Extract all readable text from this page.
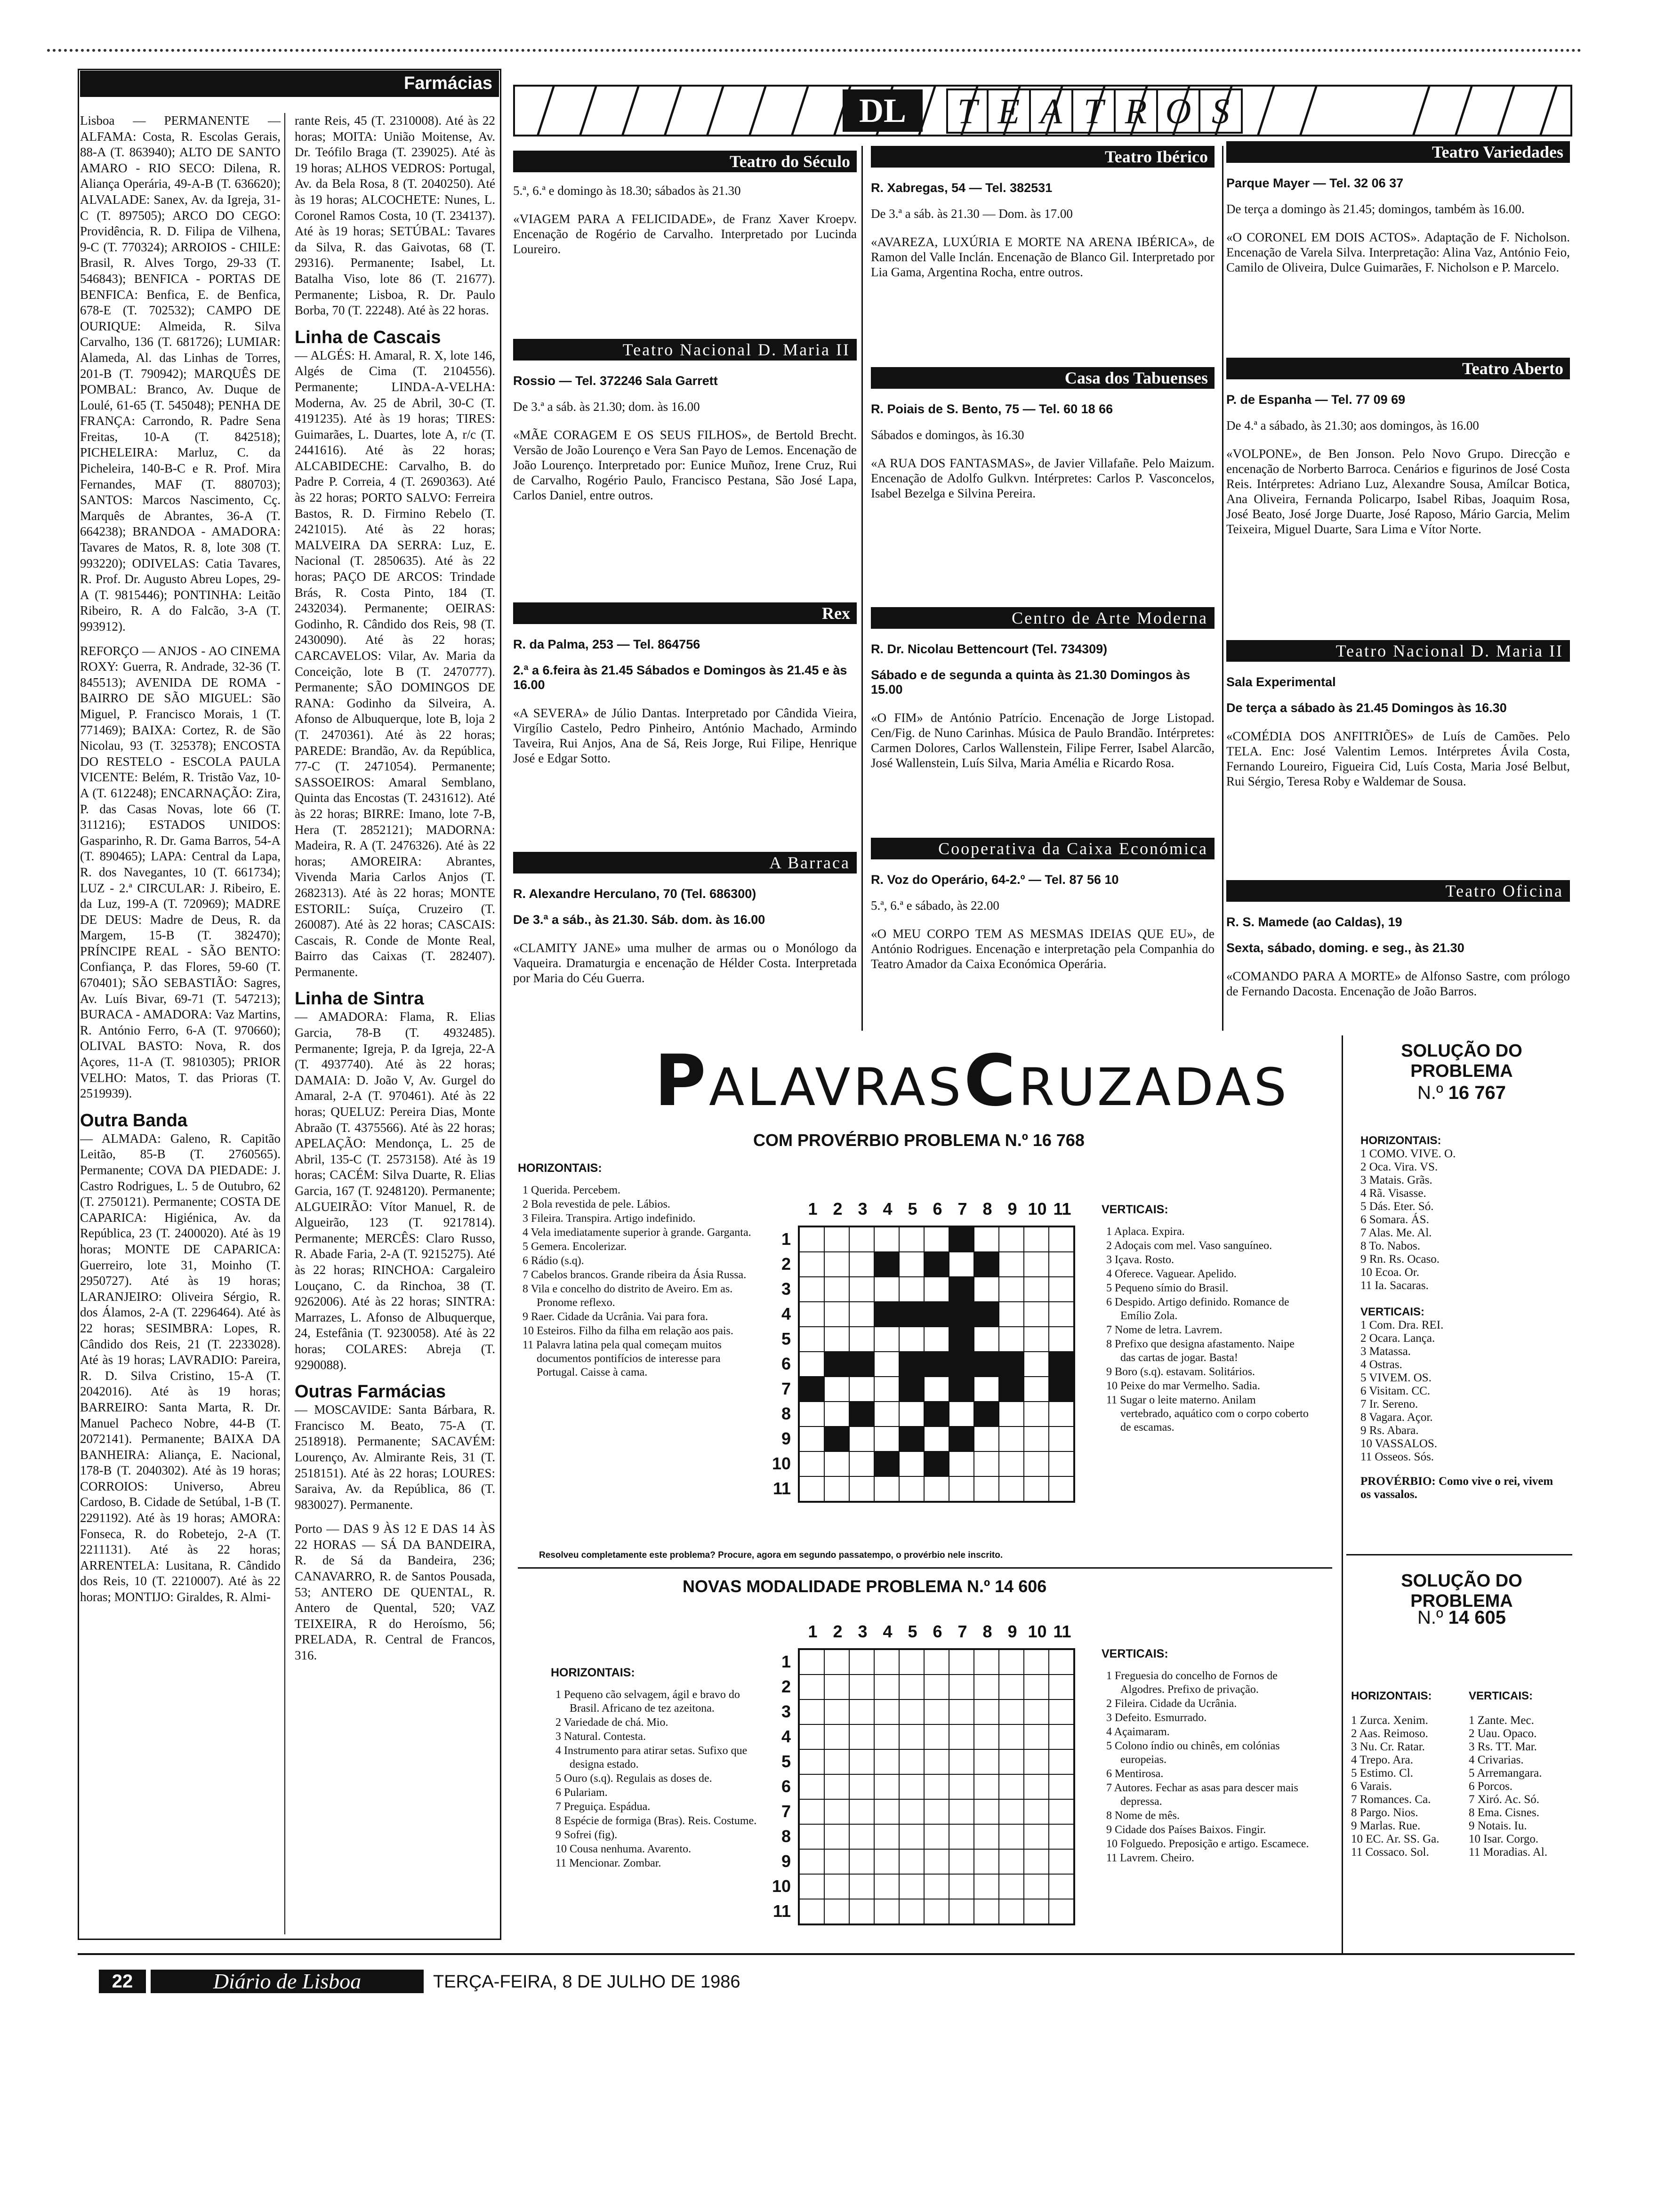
Farmácias
Lisboa — PERMANENTE — ALFAMA: Costa, R. Escolas Gerais, 88-A (T. 863940); ALTO DE SANTO AMARO - RIO SECO: Dilena, R. Aliança Operária, 49-A-B (T. 636620); ALVALADE: Sanex, Av. da Igreja, 31-C (T. 897505); ARCO DO CEGO: Providência, R. D. Filipa de Vilhena, 9-C (T. 770324); ARROIOS - CHILE: Brasil, R. Alves Torgo, 29-33 (T. 546843); BENFICA - PORTAS DE BENFICA: Benfica, E. de Benfica, 678-E (T. 702532); CAMPO DE OURIQUE: Almeida, R. Silva Carvalho, 136 (T. 681726); LUMIAR: Alameda, Al. das Linhas de Torres, 201-B (T. 790942); MARQUÊS DE POMBAL: Branco, Av. Duque de Loulé, 61-65 (T. 545048); PENHA DE FRANÇA: Carrondo, R. Padre Sena Freitas, 10-A (T. 842518); PICHELEIRA: Marluz, C. da Picheleira, 140-B-C e R. Prof. Mira Fernandes, MAF (T. 880703); SANTOS: Marcos Nascimento, Cç. Marquês de Abrantes, 36-A (T. 664238); BRANDOA - AMADORA: Tavares de Matos, R. 8, lote 308 (T. 993220); ODIVELAS: Catia Tavares, R. Prof. Dr. Augusto Abreu Lopes, 29-A (T. 9815446); PONTINHA: Leitão Ribeiro, R. A do Falcão, 3-A (T. 993912).
REFORÇO — ANJOS - AO CINEMA ROXY: Guerra, R. Andrade, 32-36 (T. 845513); AVENIDA DE ROMA - BAIRRO DE SÃO MIGUEL: São Miguel, P. Francisco Morais, 1 (T. 771469); BAIXA: Cortez, R. de São Nicolau, 93 (T. 325378); ENCOSTA DO RESTELO - ESCOLA PAULA VICENTE: Belém, R. Tristão Vaz, 10-A (T. 612248); ENCARNAÇÃO: Zira, P. das Casas Novas, lote 66 (T. 311216); ESTADOS UNIDOS: Gasparinho, R. Dr. Gama Barros, 54-A (T. 890465); LAPA: Central da Lapa, R. dos Navegantes, 10 (T. 661734); LUZ - 2.ª CIRCULAR: J. Ribeiro, E. da Luz, 199-A (T. 720969); MADRE DE DEUS: Madre de Deus, R. da Margem, 15-B (T. 382470); PRÍNCIPE REAL - SÃO BENTO: Confiança, P. das Flores, 59-60 (T. 670401); SÃO SEBASTIÃO: Sagres, Av. Luís Bivar, 69-71 (T. 547213); BURACA - AMADORA: Vaz Martins, R. António Ferro, 6-A (T. 970660); OLIVAL BASTO: Nova, R. dos Açores, 11-A (T. 9810305); PRIOR VELHO: Matos, T. das Prioras (T. 2519939).
Outra Banda
— ALMADA: Galeno, R. Capitão Leitão, 85-B (T. 2760565). Permanente; COVA DA PIEDADE: J. Castro Rodrigues, L. 5 de Outubro, 62 (T. 2750121). Permanente; COSTA DE CAPARICA: Higiénica, Av. da República, 23 (T. 2400020). Até às 19 horas; MONTE DE CAPARICA: Guerreiro, lote 31, Moinho (T. 2950727). Até às 19 horas; LARANJEIRO: Oliveira Sérgio, R. dos Álamos, 2-A (T. 2296464). Até às 22 horas; SESIMBRA: Lopes, R. Cândido dos Reis, 21 (T. 2233028). Até às 19 horas; LAVRADIO: Pareira, R. D. Silva Cristino, 15-A (T. 2042016). Até às 19 horas; BARREIRO: Santa Marta, R. Dr. Manuel Pacheco Nobre, 44-B (T. 2072141). Permanente; BAIXA DA BANHEIRA: Aliança, E. Nacional, 178-B (T. 2040302). Até às 19 horas; CORROIOS: Universo, Abreu Cardoso, B. Cidade de Setúbal, 1-B (T. 2291192). Até às 19 horas; AMORA: Fonseca, R. do Robetejo, 2-A (T. 2211131). Até às 22 horas; ARRENTELA: Lusitana, R. Cândido dos Reis, 10 (T. 2210007). Até às 22 horas; MONTIJO: Giraldes, R. Almi-
rante Reis, 45 (T. 2310008). Até às 22 horas; MOITA: União Moitense, Av. Dr. Teófilo Braga (T. 239025). Até às 19 horas; ALHOS VEDROS: Portugal, Av. da Bela Rosa, 8 (T. 2040250). Até às 19 horas; ALCOCHETE: Nunes, L. Coronel Ramos Costa, 10 (T. 234137). Até às 19 horas; SETÚBAL: Tavares da Silva, R. das Gaivotas, 68 (T. 29316). Permanente; Isabel, Lt. Batalha Viso, lote 86 (T. 21677). Permanente; Lisboa, R. Dr. Paulo Borba, 70 (T. 22248). Até às 22 horas.
Linha de Cascais
— ALGÉS: H. Amaral, R. X, lote 146, Algés de Cima (T. 2104556). Permanente; LINDA-A-VELHA: Moderna, Av. 25 de Abril, 30-C (T. 4191235). Até às 19 horas; TIRES: Guimarães, L. Duartes, lote A, r/c (T. 2441616). Até às 22 horas; ALCABIDECHE: Carvalho, B. do Padre P. Correia, 4 (T. 2690363). Até às 22 horas; PORTO SALVO: Ferreira Bastos, R. D. Firmino Rebelo (T. 2421015). Até às 22 horas; MALVEIRA DA SERRA: Luz, E. Nacional (T. 2850635). Até às 22 horas; PAÇO DE ARCOS: Trindade Brás, R. Costa Pinto, 184 (T. 2432034). Permanente; OEIRAS: Godinho, R. Cândido dos Reis, 98 (T. 2430090). Até às 22 horas; CARCAVELOS: Vilar, Av. Maria da Conceição, lote B (T. 2470777). Permanente; SÃO DOMINGOS DE RANA: Godinho da Silveira, A. Afonso de Albuquerque, lote B, loja 2 (T. 2470361). Até às 22 horas; PAREDE: Brandão, Av. da República, 77-C (T. 2471054). Permanente; SASSOEIROS: Amaral Semblano, Quinta das Encostas (T. 2431612). Até às 22 horas; BIRRE: Imano, lote 7-B, Hera (T. 2852121); MADORNA: Madeira, R. A (T. 2476326). Até às 22 horas; AMOREIRA: Abrantes, Vivenda Maria Carlos Anjos (T. 2682313). Até às 22 horas; MONTE ESTORIL: Suíça, Cruzeiro (T. 260087). Até às 22 horas; CASCAIS: Cascais, R. Conde de Monte Real, Bairro das Caixas (T. 282407). Permanente.
Linha de Sintra
— AMADORA: Flama, R. Elias Garcia, 78-B (T. 4932485). Permanente; Igreja, P. da Igreja, 22-A (T. 4937740). Até às 22 horas; DAMAIA: D. João V, Av. Gurgel do Amaral, 2-A (T. 970461). Até às 22 horas; QUELUZ: Pereira Dias, Monte Abraão (T. 4375566). Até às 22 horas; APELAÇÃO: Mendonça, L. 25 de Abril, 135-C (T. 2573158). Até às 19 horas; CACÉM: Silva Duarte, R. Elias Garcia, 167 (T. 9248120). Permanente; ALGUEIRÃO: Vítor Manuel, R. de Algueirão, 123 (T. 9217814). Permanente; MERCÊS: Claro Russo, R. Abade Faria, 2-A (T. 9215275). Até às 22 horas; RINCHOA: Cargaleiro Louçano, C. da Rinchoa, 38 (T. 9262006). Até às 22 horas; SINTRA: Marrazes, L. Afonso de Albuquerque, 24, Estefânia (T. 9230058). Até às 22 horas; COLARES: Abreja (T. 9290088).
Outras Farmácias
— MOSCAVIDE: Santa Bárbara, R. Francisco M. Beato, 75-A (T. 2518918). Permanente; SACAVÉM: Lourenço, Av. Almirante Reis, 31 (T. 2518151). Até às 22 horas; LOURES: Saraiva, Av. da República, 86 (T. 9830027). Permanente.
Porto — DAS 9 ÀS 12 E DAS 14 ÀS 22 HORAS — SÁ DA BANDEIRA, R. de Sá da Bandeira, 236; CANAVARRO, R. de Santos Pousada, 53; ANTERO DE QUENTAL, R. Antero de Quental, 520; VAZ TEIXEIRA, R do Heroísmo, 56; PRELADA, R. Central de Francos, 316.
DL	T E A T R O S
Teatro do Século
5.ª, 6.ª e domingo às 18.30; sábados às 21.30
«VIAGEM PARA A FELICIDADE», de Franz Xaver Kroepv. Encenação de Rogério de Carvalho. Interpretado por Lucinda Loureiro.
Teatro Ibérico
R. Xabregas, 54 — Tel. 382531
De 3.ª a sáb. às 21.30 — Dom. às 17.00
«AVAREZA, LUXÚRIA E MORTE NA ARENA IBÉRICA», de Ramon del Valle Inclán. Encenação de Blanco Gil. Interpretado por Lia Gama, Argentina Rocha, entre outros.
Teatro Variedades
Parque Mayer — Tel. 32 06 37
De terça a domingo às 21.45; domingos, também às 16.00.
«O CORONEL EM DOIS ACTOS». Adaptação de F. Nicholson. Encenação de Varela Silva. Interpretação: Alina Vaz, António Feio, Camilo de Oliveira, Dulce Guimarães, F. Nicholson e P. Marcelo.
Teatro Nacional D. Maria II
Rossio — Tel. 372246 Sala Garrett
De 3.ª a sáb. às 21.30; dom. às 16.00
«MÃE CORAGEM E OS SEUS FILHOS», de Bertold Brecht. Versão de João Lourenço e Vera San Payo de Lemos. Encenação de João Lourenço. Interpretado por: Eunice Muñoz, Irene Cruz, Rui de Carvalho, Rogério Paulo, Francisco Pestana, São José Lapa, Carlos Daniel, entre outros.
Casa dos Tabuenses
R. Poiais de S. Bento, 75 — Tel. 60 18 66
Sábados e domingos, às 16.30
«A RUA DOS FANTASMAS», de Javier Villafañe. Pelo Maizum. Encenação de Adolfo Gulkvn. Intérpretes: Carlos P. Vasconcelos, Isabel Bezelga e Silvina Pereira.
Teatro Aberto
P. de Espanha — Tel. 77 09 69
De 4.ª a sábado, às 21.30; aos domingos, às 16.00
«VOLPONE», de Ben Jonson. Pelo Novo Grupo. Direcção e encenação de Norberto Barroca. Cenários e figurinos de José Costa Reis. Intérpretes: Adriano Luz, Alexandre Sousa, Amílcar Botica, Ana Oliveira, Fernanda Policarpo, Isabel Ribas, Joaquim Rosa, José Beato, José Jorge Duarte, José Raposo, Mário Garcia, Melim Teixeira, Miguel Duarte, Sara Lima e Vítor Norte.
Rex
R. da Palma, 253 — Tel. 864756
2.ª a 6.feira às 21.45 Sábados e Domingos às 21.45 e às 16.00
«A SEVERA» de Júlio Dantas. Interpretado por Cândida Vieira, Virgílio Castelo, Pedro Pinheiro, António Machado, Armindo Taveira, Rui Anjos, Ana de Sá, Reis Jorge, Rui Filipe, Henrique José e Edgar Sotto.
Centro de Arte Moderna
R. Dr. Nicolau Bettencourt (Tel. 734309)
Sábado e de segunda a quinta às 21.30 Domingos às 15.00
«O FIM» de António Patrício. Encenação de Jorge Listopad. Cen/Fig. de Nuno Carinhas. Música de Paulo Brandão. Intérpretes: Carmen Dolores, Carlos Wallenstein, Filipe Ferrer, Isabel Alarcão, José Wallenstein, Luís Silva, Maria Amélia e Ricardo Rosa.
Teatro Nacional D. Maria II
Sala Experimental
De terça a sábado às 21.45 Domingos às 16.30
«COMÉDIA DOS ANFITRIÕES» de Luís de Camões. Pelo TELA. Enc: José Valentim Lemos. Intérpretes Ávila Costa, Fernando Loureiro, Figueira Cid, Luís Costa, Maria José Belbut, Rui Sérgio, Teresa Roby e Waldemar de Sousa.
A Barraca
R. Alexandre Herculano, 70 (Tel. 686300)
De 3.ª a sáb., às 21.30. Sáb. dom. às 16.00
«CLAMITY JANE» uma mulher de armas ou o Monólogo da Vaqueira. Dramaturgia e encenação de Hélder Costa. Interpretada por Maria do Céu Guerra.
Cooperativa da Caixa Económica Operária
R. Voz do Operário, 64-2.º — Tel. 87 56 10
5.ª, 6.ª e sábado, às 22.00
«O MEU CORPO TEM AS MESMAS IDEIAS QUE EU», de António Rodrigues. Encenação e interpretação pela Companhia do Teatro Amador da Caixa Económica Operária.
Teatro Oficina
R. S. Mamede (ao Caldas), 19
Sexta, sábado, doming. e seg., às 21.30
«COMANDO PARA A MORTE» de Alfonso Sastre, com prólogo de Fernando Dacosta. Encenação de João Barros.
PALAVRASCRUZADAS
COM PROVÉRBIO PROBLEMA N.º 16 768
HORIZONTAIS:
1 Querida. Percebem.
2 Bola revestida de pele. Lábios.
3 Fileira. Transpira. Artigo indefinido.
4 Vela imediatamente superior à grande. Garganta.
5 Gemera. Encolerizar.
6 Rádio (s.q).
7 Cabelos brancos. Grande ribeira da Ásia Russa.
8 Vila e concelho do distrito de Aveiro. Em as. Pronome reflexo.
9 Raer. Cidade da Ucrânia. Vai para fora.
10 Esteiros. Filho da filha em relação aos pais.
11 Palavra latina pela qual começam muitos documentos pontifícios de interesse para Portugal. Caisse à cama.
1 2 3 4 5 6 7 8 9 10 11
1
2
3
4
5
6
7
8
9
10
11
VERTICAIS:
1 Aplaca. Expira.
2 Adoçais com mel. Vaso sanguíneo.
3 Içava. Rosto.
4 Oferece. Vaguear. Apelido.
5 Pequeno símio do Brasil.
6 Despido. Artigo definido. Romance de Emílio Zola.
7 Nome de letra. Lavrem.
8 Prefixo que designa afastamento. Naipe das cartas de jogar. Basta!
9 Boro (s.q). estavam. Solitários.
10 Peixe do mar Vermelho. Sadia.
11 Sugar o leite materno. Anilam vertebrado, aquático com o corpo coberto de escamas.
Resolveu completamente este problema? Procure, agora em segundo passatempo, o provérbio nele inscrito.
NOVAS MODALIDADE PROBLEMA N.º 14 606
1 2 3 4 5 6 7 8 9 10 11
1
2
3
4
5
6
7
8
9
10
11
HORIZONTAIS:
1 Pequeno cão selvagem, ágil e bravo do Brasil. Africano de tez azeitona.
2 Variedade de chá. Mio.
3 Natural. Contesta.
4 Instrumento para atirar setas. Sufixo que designa estado.
5 Ouro (s.q). Regulais as doses de.
6 Pulariam.
7 Preguiça. Espádua.
8 Espécie de formiga (Bras). Reis. Costume.
9 Sofrei (fig).
10 Cousa nenhuma. Avarento.
11 Mencionar. Zombar.
VERTICAIS:
1 Freguesia do concelho de Fornos de Algodres. Prefixo de privação.
2 Fileira. Cidade da Ucrânia.
3 Defeito. Esmurrado.
4 Açaimaram.
5 Colono índio ou chinês, em colónias europeias.
6 Mentirosa.
7 Autores. Fechar as asas para descer mais depressa.
8 Nome de mês.
9 Cidade dos Países Baixos. Fingir.
10 Folguedo. Preposição e artigo. Escamece.
11 Lavrem. Cheiro.
SOLUÇÃO DO PROBLEMA
N.º 16 767
HORIZONTAIS:
1 COMO. VIVE. O.
2 Oca. Vira. VS.
3 Matais. Grãs.
4 Rã. Visasse.
5 Dás. Eter. Só.
6 Somara. ÁS.
7 Alas. Me. Al.
8 To. Nabos.
9 Rn. Rs. Ocaso.
10 Ecoa. Or.
11 Ia. Sacaras.
VERTICAIS:
1 Com. Dra. REI.
2 Ocara. Lança.
3 Matassa.
4 Ostras.
5 VIVEM. OS.
6 Visitam. CC.
7 Ir. Sereno.
8 Vagara. Açor.
9 Rs. Abara.
10 VASSALOS.
11 Osseos. Sós.
PROVÉRBIO: Como vive o rei, vivem os vassalos.
SOLUÇÃO DO PROBLEMA
N.º 14 605
HORIZONTAIS:
1 Zurca. Xenim.
2 Aas. Reimoso.
3 Nu. Cr. Ratar.
4 Trepo. Ara.
5 Estimo. Cl.
6 Varais.
7 Romances. Ca.
8 Pargo. Nios.
9 Marlas. Rue.
10 EC. Ar. SS. Ga.
11 Cossaco. Sol.
VERTICAIS:
1 Zante. Mec.
2 Uau. Opaco.
3 Rs. TT. Mar.
4 Crivarias.
5 Arremangara.
6 Porcos.
7 Xiró. Ac. Só.
8 Ema. Cisnes.
9 Notais. Iu.
10 Isar. Corgo.
11 Moradias. Al.
22	Diário de Lisboa	TERÇA-FEIRA, 8 DE JULHO DE 1986
